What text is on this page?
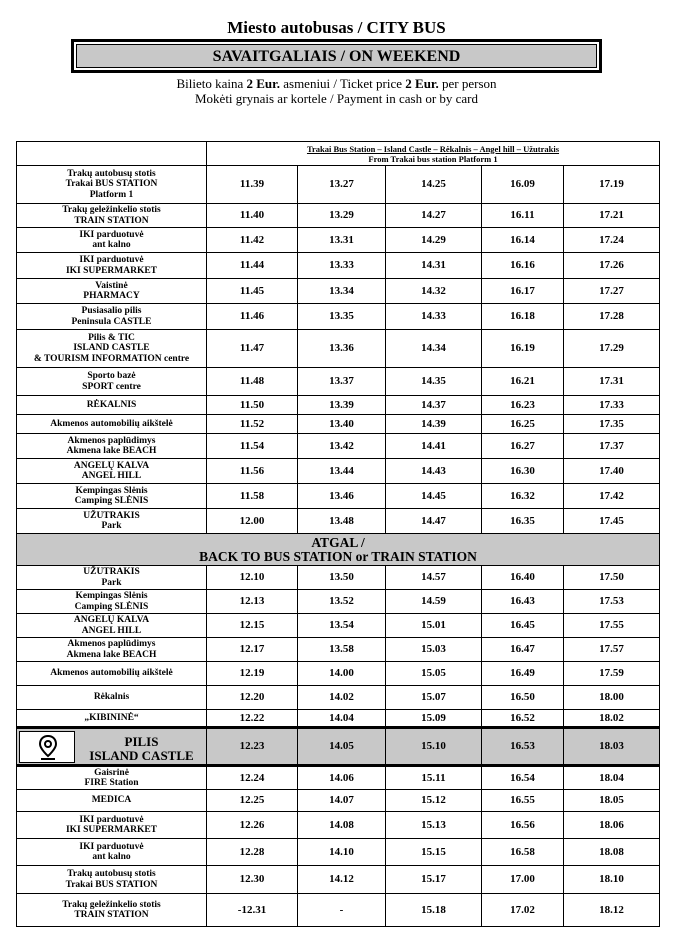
Miesto autobusas / CITY BUS
SAVAITGALIAIS / ON WEEKEND
Bilieto kaina 2 Eur. asmeniui / Ticket price 2 Eur. per person
Mokėti grynais ar kortele / Payment in cash or by card

	Trakai Bus Station – Island Castle – Rėkalnis – Angel hill – Užutrakis
From Trakai bus station Platform 1				

Trakų autobusų stotis
Trakai BUS STATION
Platform 1	11.39	13.27	14.25	16.09	17.19

Trakų geležinkelio stotis
TRAIN STATION	11.40	13.29	14.27	16.11	17.21

IKI parduotuvė
ant kalno	11.42	13.31	14.29	16.14	17.24

IKI parduotuvė
IKI SUPERMARKET	11.44	13.33	14.31	16.16	17.26

Vaistinė
PHARMACY	11.45	13.34	14.32	16.17	17.27

Pusiasalio pilis
Peninsula CASTLE	11.46	13.35	14.33	16.18	17.28

Pilis & TIC
ISLAND CASTLE
& TOURISM INFORMATION centre	11.47	13.36	14.34	16.19	17.29

Sporto bazė
SPORT centre	11.48	13.37	14.35	16.21	17.31

RĖKALNIS	11.50	13.39	14.37	16.23	17.33

Akmenos automobilių aikštelė	11.52	13.40	14.39	16.25	17.35

Akmenos paplūdimys
Akmena lake BEACH	11.54	13.42	14.41	16.27	17.37

ANGELŲ KALVA
ANGEL HILL	11.56	13.44	14.43	16.30	17.40

Kempingas Slėnis
Camping SLĖNIS	11.58	13.46	14.45	16.32	17.42

UŽUTRAKIS
Park	12.00	13.48	14.47	16.35	17.45

ATGAL /
BACK TO BUS STATION or TRAIN STATION					

UŽUTRAKIS
Park	12.10	13.50	14.57	16.40	17.50

Kempingas Slėnis
Camping SLĖNIS	12.13	13.52	14.59	16.43	17.53

ANGELŲ KALVA
ANGEL HILL	12.15	13.54	15.01	16.45	17.55

Akmenos paplūdimys
Akmena lake BEACH	12.17	13.58	15.03	16.47	17.57

Akmenos automobilių aikštelė	12.19	14.00	15.05	16.49	17.59

Rėkalnis	12.20	14.02	15.07	16.50	18.00

„KIBININĖ“	12.22	14.04	15.09	16.52	18.02

PILIS
ISLAND CASTLE	12.23	14.05	15.10	16.53	18.03

Gaisrinė
FIRE Station	12.24	14.06	15.11	16.54	18.04

MEDICA	12.25	14.07	15.12	16.55	18.05

IKI parduotuvė
IKI SUPERMARKET	12.26	14.08	15.13	16.56	18.06

IKI parduotuvė
ant kalno	12.28	14.10	15.15	16.58	18.08

Trakų autobusų stotis
Trakai BUS STATION	12.30	14.12	15.17	17.00	18.10

Trakų geležinkelio stotis
TRAIN STATION	-12.31	-	15.18	17.02	18.12
